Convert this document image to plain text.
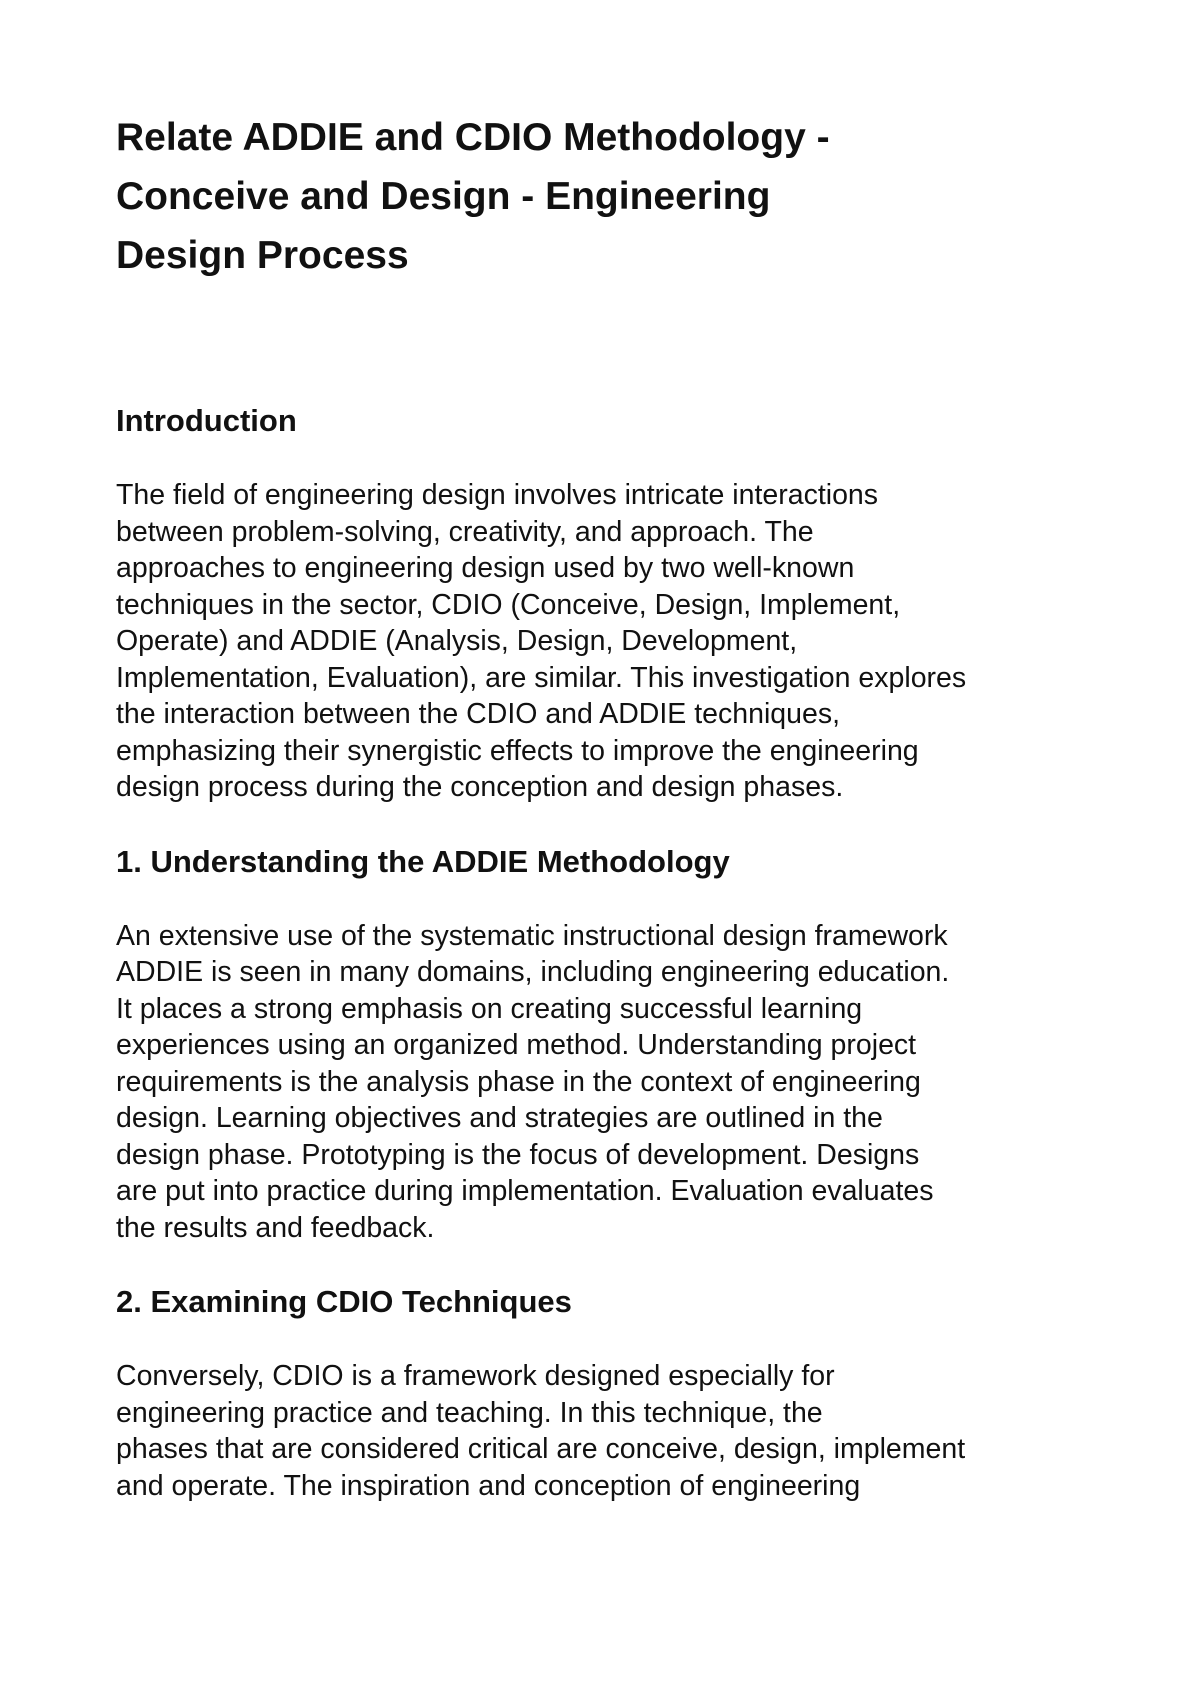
Relate ADDIE and CDIO Methodology -
Conceive and Design - Engineering
Design Process
Introduction

The field of engineering design involves intricate interactions
between problem-solving, creativity, and approach. The
approaches to engineering design used by two well-known
techniques in the sector, CDIO (Conceive, Design, Implement,
Operate) and ADDIE (Analysis, Design, Development,
Implementation, Evaluation), are similar. This investigation explores
the interaction between the CDIO and ADDIE techniques,
emphasizing their synergistic effects to improve the engineering
design process during the conception and design phases.

1. Understanding the ADDIE Methodology

An extensive use of the systematic instructional design framework
ADDIE is seen in many domains, including engineering education.
It places a strong emphasis on creating successful learning
experiences using an organized method. Understanding project
requirements is the analysis phase in the context of engineering
design. Learning objectives and strategies are outlined in the
design phase. Prototyping is the focus of development. Designs
are put into practice during implementation. Evaluation evaluates
the results and feedback.

2. Examining CDIO Techniques

Conversely, CDIO is a framework designed especially for
engineering practice and teaching. In this technique, the
phases that are considered critical are conceive, design, implement
and operate. The inspiration and conception of engineering
